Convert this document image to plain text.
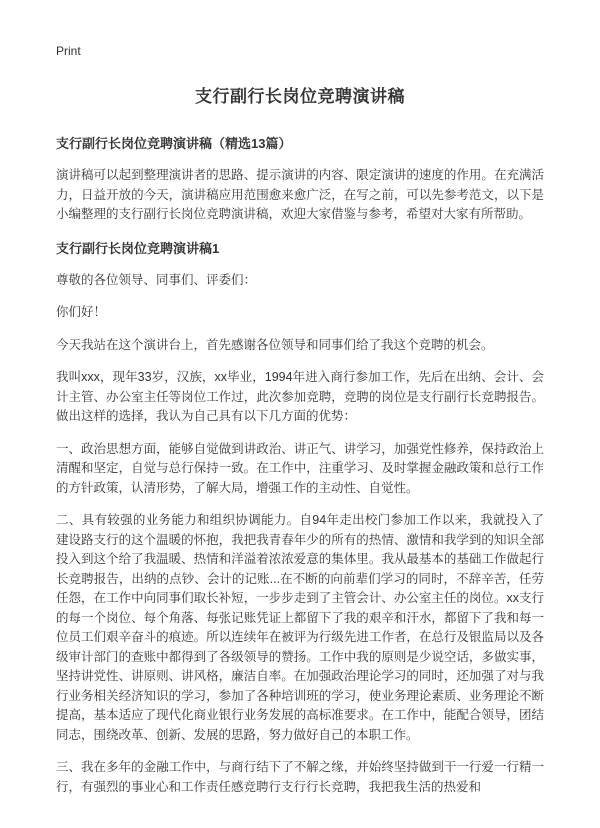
Print
支行副行长岗位竞聘演讲稿
支行副行长岗位竞聘演讲稿（精选13篇）

演讲稿可以起到整理演讲者的思路、提示演讲的内容、限定演讲的速度的作用。在充满活力，日益开放的今天，演讲稿应用范围愈来愈广泛，在写之前，可以先参考范文，以下是小编整理的支行副行长岗位竞聘演讲稿，欢迎大家借鉴与参考，希望对大家有所帮助。

支行副行长岗位竞聘演讲稿1

尊敬的各位领导、同事们、评委们：

你们好！

今天我站在这个演讲台上，首先感谢各位领导和同事们给了我这个竞聘的机会。

我叫xxx，现年33岁，汉族，xx毕业，1994年进入商行参加工作，先后在出纳、会计、会计主管、办公室主任等岗位工作过，此次参加竞聘，竞聘的岗位是支行副行长竞聘报告。做出这样的选择，我认为自己具有以下几方面的优势：

一、政治思想方面，能够自觉做到讲政治、讲正气、讲学习，加强党性修养，保持政治上清醒和坚定，自觉与总行保持一致。在工作中，注重学习、及时掌握金融政策和总行工作的方针政策，认清形势，了解大局，增强工作的主动性、自觉性。

二、具有较强的业务能力和组织协调能力。自94年走出校门参加工作以来，我就投入了建设路支行的这个温暖的怀抱，我把我青春年少的所有的热情、激情和我学到的知识全部投入到这个给了我温暖、热情和洋溢着浓浓爱意的集体里。我从最基本的基础工作做起行长竞聘报告，出纳的点钞、会计的记账...在不断的向前辈们学习的同时，不辞辛苦，任劳任怨，在工作中向同事们取长补短，一步步走到了主管会计、办公室主任的岗位。xx支行的每一个岗位、每个角落、每张记账凭证上都留下了我的艰辛和汗水，都留下了我和每一位员工们艰辛奋斗的痕迹。所以连续年在被评为行级先进工作者，在总行及银监局以及各级审计部门的查账中都得到了各级领导的赞扬。工作中我的原则是少说空话，多做实事，坚持讲党性、讲原则、讲风格，廉洁自率。在加强政治理论学习的同时，还加强了对与我行业务相关经济知识的学习，参加了各种培训班的学习，使业务理论素质、业务理论不断提高，基本适应了现代化商业银行业务发展的高标准要求。在工作中，能配合领导，团结同志，围绕改革、创新、发展的思路，努力做好自己的本职工作。

三、我在多年的金融工作中，与商行结下了不解之缘，并始终坚持做到干一行爱一行精一行，有强烈的事业心和工作责任感竞聘行支行行长竞聘，我把我生活的热爱和
